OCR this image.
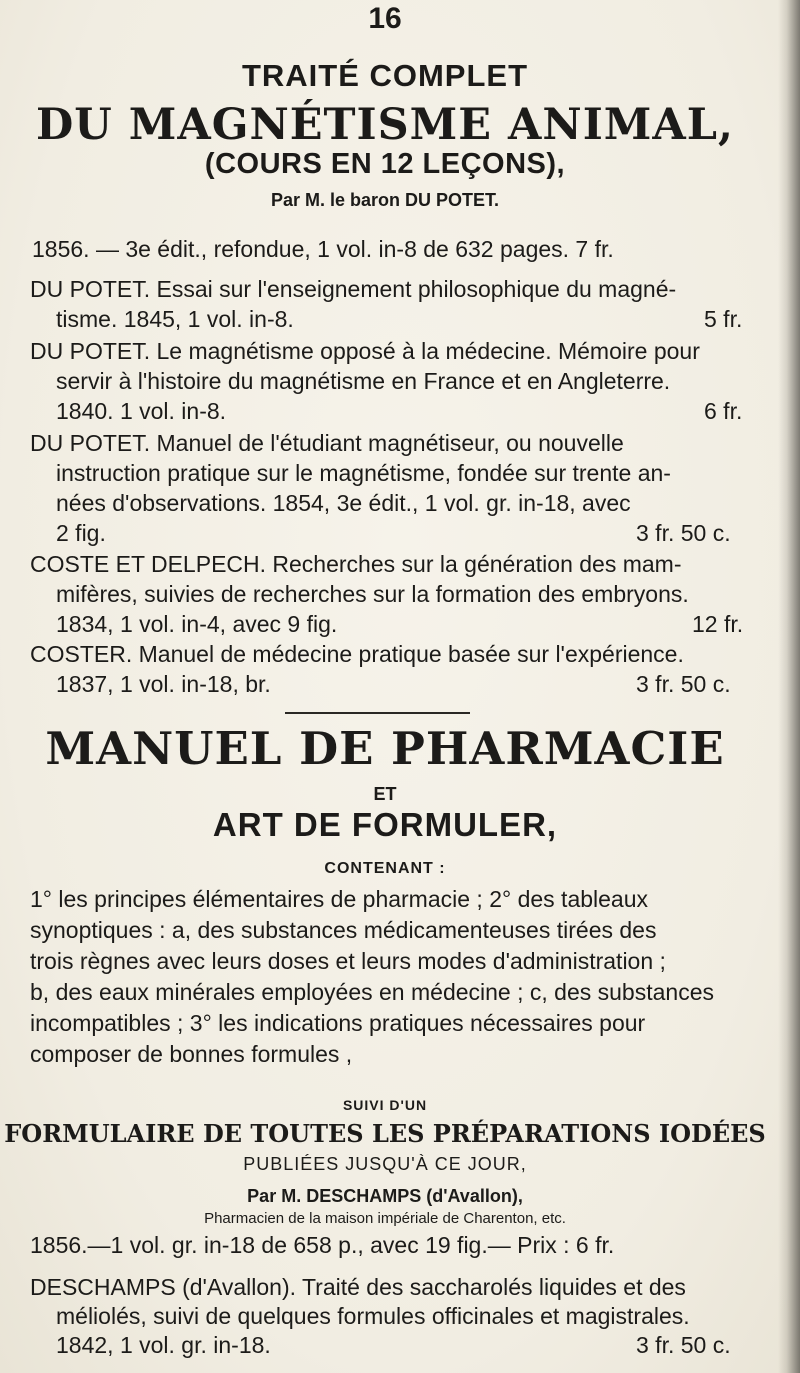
16
TRAITÉ COMPLET
DU MAGNÉTISME ANIMAL,
(COURS EN 12 LEÇONS),
Par M. le baron DU POTET.
1856. — 3e édit., refondue, 1 vol. in-8 de 632 pages. 7 fr.
DU POTET. Essai sur l'enseignement philosophique du magné-
tisme. 1845, 1 vol. in-8.	5 fr.
DU POTET. Le magnétisme opposé à la médecine. Mémoire pour
servir à l'histoire du magnétisme en France et en Angleterre.
1840. 1 vol. in-8.	6 fr.
DU POTET. Manuel de l'étudiant magnétiseur, ou nouvelle
instruction pratique sur le magnétisme, fondée sur trente an-
nées d'observations. 1854, 3e édit., 1 vol. gr. in-18, avec
2 fig.	3 fr. 50 c.
COSTE ET DELPECH. Recherches sur la génération des mam-
mifères, suivies de recherches sur la formation des embryons.
1834, 1 vol. in-4, avec 9 fig.	12 fr.
COSTER. Manuel de médecine pratique basée sur l'expérience.
1837, 1 vol. in-18, br.	3 fr. 50 c.
MANUEL DE PHARMACIE
ET
ART DE FORMULER,
CONTENANT :
1° les principes élémentaires de pharmacie ; 2° des tableaux
synoptiques : a, des substances médicamenteuses tirées des
trois règnes avec leurs doses et leurs modes d'administration ;
b, des eaux minérales employées en médecine ; c, des substances
incompatibles ; 3° les indications pratiques nécessaires pour
composer de bonnes formules ,
SUIVI D'UN
FORMULAIRE DE TOUTES LES PRÉPARATIONS IODÉES
PUBLIÉES JUSQU'À CE JOUR,
Par M. DESCHAMPS (d'Avallon),
Pharmacien de la maison impériale de Charenton, etc.
1856.—1 vol. gr. in-18 de 658 p., avec 19 fig.— Prix : 6 fr.
DESCHAMPS (d'Avallon). Traité des saccharolés liquides et des
méliolés, suivi de quelques formules officinales et magistrales.
1842, 1 vol. gr. in-18.	3 fr. 50 c.
